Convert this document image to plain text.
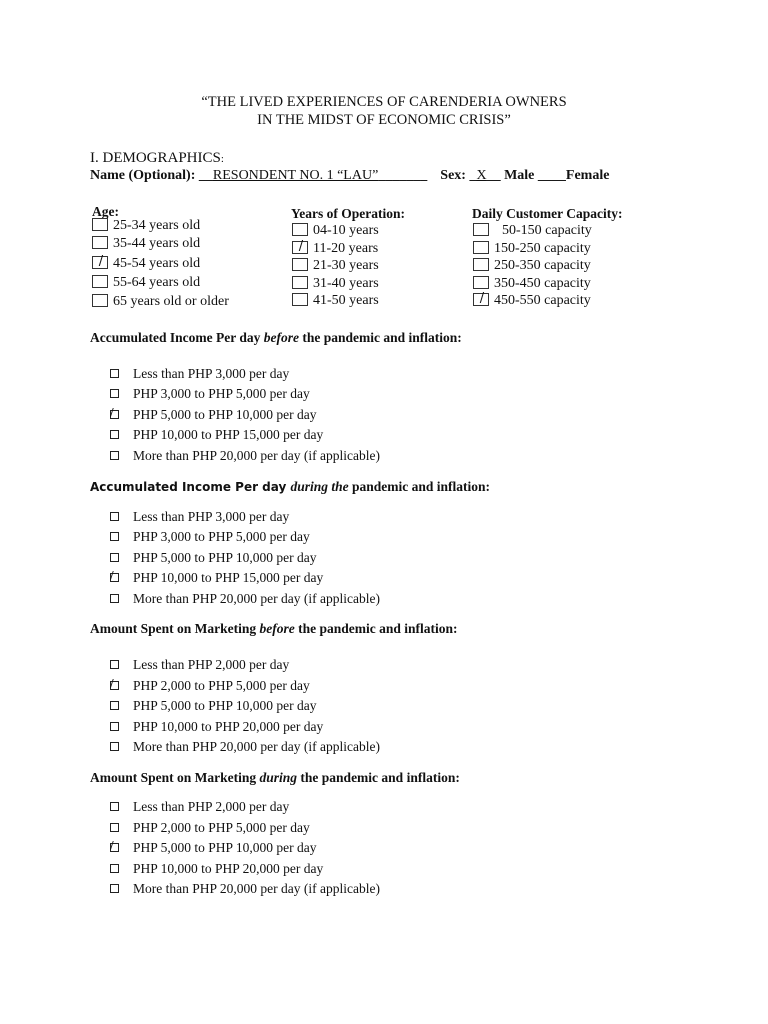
“THE LIVED EXPERIENCES OF CARENDERIA OWNERS
IN THE MIDST OF ECONOMIC CRISIS”
I. DEMOGRAPHICS:
Name (Optional): __RESONDENT NO. 1 “LAU”_______ Sex: _X__ Male ____Female
Age:
25-34 years old
35-44 years old
/ 45-54 years old
55-64 years old
65 years old or older
Years of Operation:
04-10 years
/ 11-20 years
21-30 years
31-40 years
41-50 years
Daily Customer Capacity:
50-150 capacity
150-250 capacity
250-350 capacity
350-450 capacity
/ 450-550 capacity
Accumulated Income Per day before the pandemic and inflation:
Less than PHP 3,000 per day
PHP 3,000 to PHP 5,000 per day
/ PHP 5,000 to PHP 10,000 per day
PHP 10,000 to PHP 15,000 per day
More than PHP 20,000 per day (if applicable)
Accumulated Income Per day during the pandemic and inflation:
Less than PHP 3,000 per day
PHP 3,000 to PHP 5,000 per day
PHP 5,000 to PHP 10,000 per day
/ PHP 10,000 to PHP 15,000 per day
More than PHP 20,000 per day (if applicable)
Amount Spent on Marketing before the pandemic and inflation:
Less than PHP 2,000 per day
/ PHP 2,000 to PHP 5,000 per day
PHP 5,000 to PHP 10,000 per day
PHP 10,000 to PHP 20,000 per day
More than PHP 20,000 per day (if applicable)
Amount Spent on Marketing during the pandemic and inflation:
Less than PHP 2,000 per day
PHP 2,000 to PHP 5,000 per day
/ PHP 5,000 to PHP 10,000 per day
PHP 10,000 to PHP 20,000 per day
More than PHP 20,000 per day (if applicable)
